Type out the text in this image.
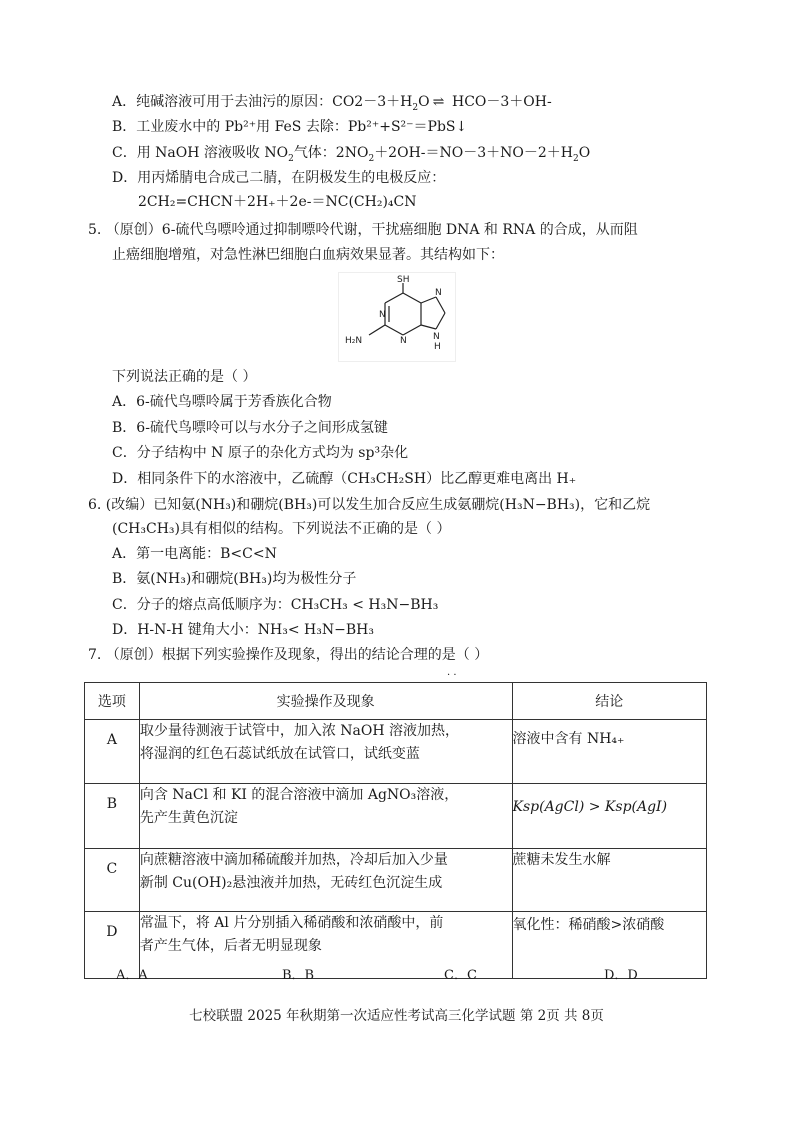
A．纯碱溶液可用于去油污的原因：$CO2-3+H_2O$ ⇌ HCO－3＋OH-
B．工业废水中的 Pb²⁺用 FeS 去除：Pb²⁺+S²⁻＝PbS↓
C．用 NaOH 溶液吸收 $NO_2$气体：$2NO_2+2OH-=NO-3+NO-2+H_2O$
D．用丙烯腈电合成己二腈，在阴极发生的电极反应：
2CH₂=CHCN＋2H₊＋2e-＝NC(CH₂)₄CN
5. （原创）6-硫代鸟嘌呤通过抑制嘌呤代谢，干扰癌细胞 DNA 和 RNA 的合成，从而阻
止癌细胞增殖，对急性淋巴细胞白血病效果显著。其结构如下：
SH
N
N
N
N
H
H₂N
下列说法正确的是（ ）
A．6-硫代鸟嘌呤属于芳香族化合物
B．6-硫代鸟嘌呤可以与水分子之间形成氢键
C．分子结构中 N 原子的杂化方式均为 sp³杂化
D．相同条件下的水溶液中，乙硫醇（CH₃CH₂SH）比乙醇更难电离出 H₊
6. (改编）已知氨(NH₃)和硼烷(BH₃)可以发生加合反应生成氨硼烷(H₃N−BH₃)，它和乙烷
(CH₃CH₃)具有相似的结构。下列说法不正确的是（ ）
A．第一电离能：B<C<N
B．氨(NH₃)和硼烷(BH₃)均为极性分子
C．分子的熔点高低顺序为：CH₃CH₃ < H₃N−BH₃
D．H-N-H 键角大小：NH₃< H₃N−BH₃
7. （原创）根据下列实验操作及现象，得出的结论合理的是（ ）
· ·
选项	实验操作及现象	结论

A	取少量待测液于试管中，加入浓 NaOH 溶液加热，
将湿润的红色石蕊试纸放在试管口，试纸变蓝	溶液中含有 NH₄₊

B	向含 NaCl 和 KI 的混合溶液中滴加 AgNO₃溶液，
先产生黄色沉淀	Ksp(AgCl) > Ksp(AgI)

C	向蔗糖溶液中滴加稀硫酸并加热，冷却后加入少量
新制 Cu(OH)₂悬浊液并加热，无砖红色沉淀生成	蔗糖未发生水解

D	常温下，将 Al 片分别插入稀硝酸和浓硝酸中，前
者产生气体，后者无明显现象	氧化性：稀硝酸>浓硝酸
A．A	B．B	C．C	D．D
七校联盟 2025 年秋期第一次适应性考试高三化学试题 第 2页 共 8页
